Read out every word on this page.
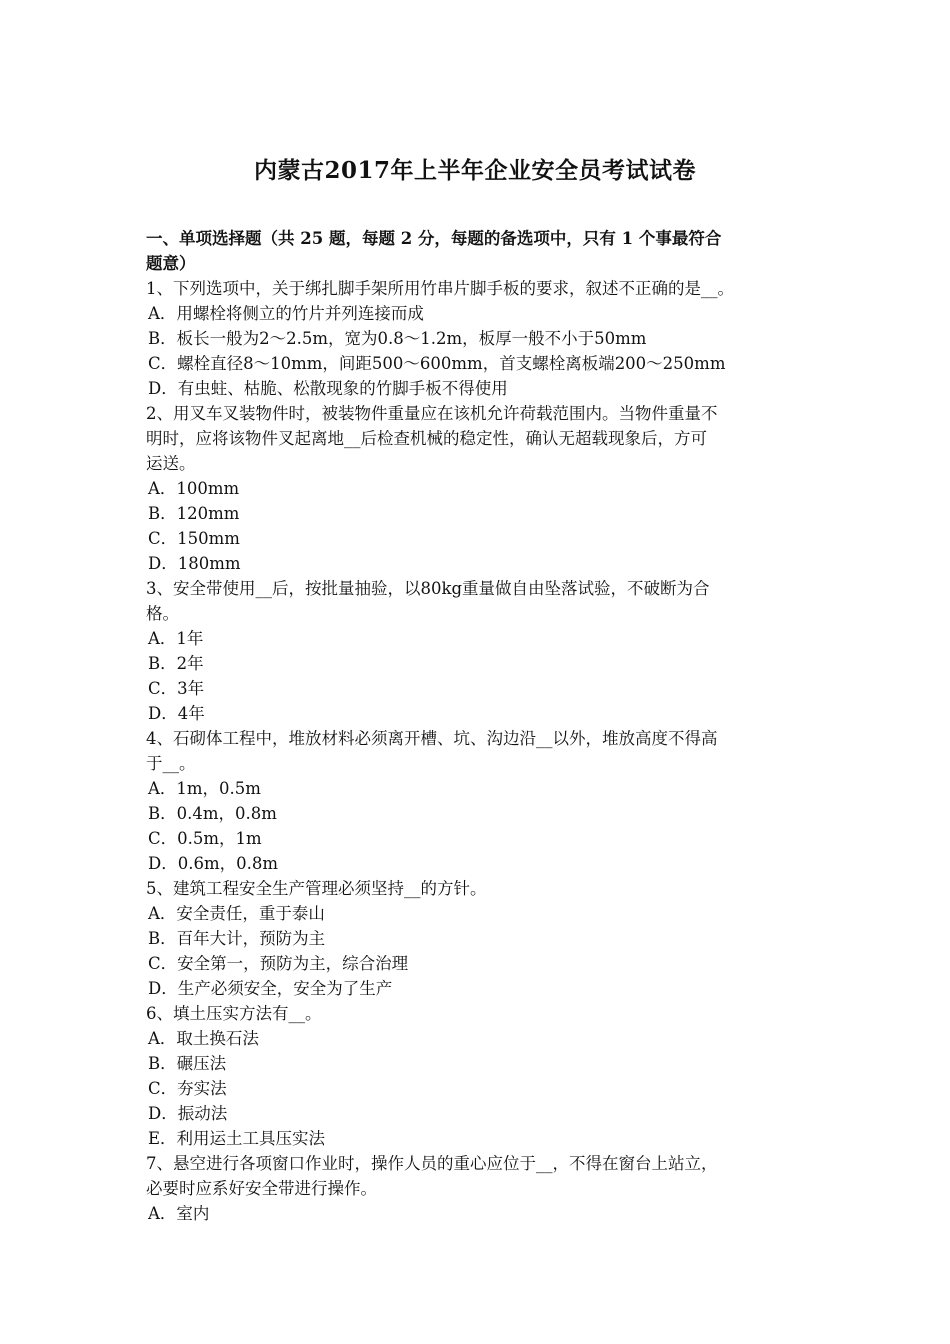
内蒙古2017年上半年企业安全员考试试卷
一、单项选择题（共 25 题，每题 2 分，每题的备选项中，只有 1 个事最符合
题意）
1、下列选项中，关于绑扎脚手架所用竹串片脚手板的要求，叙述不正确的是__。
A．用螺栓将侧立的竹片并列连接而成
B．板长一般为2～2.5m，宽为0.8～1.2m，板厚一般不小于50mm
C．螺栓直径8～10mm，间距500～600mm，首支螺栓离板端200～250mm
D．有虫蛀、枯脆、松散现象的竹脚手板不得使用
2、用叉车叉装物件时，被装物件重量应在该机允许荷载范围内。当物件重量不
明时，应将该物件叉起离地__后检查机械的稳定性，确认无超载现象后，方可
运送。
A．100mm
B．120mm
C．150mm
D．180mm
3、安全带使用__后，按批量抽验，以80kg重量做自由坠落试验，不破断为合
格。
A．1年
B．2年
C．3年
D．4年
4、石砌体工程中，堆放材料必须离开槽、坑、沟边沿__以外，堆放高度不得高
于__。
A．1m，0.5m
B．0.4m，0.8m
C．0.5m，1m
D．0.6m，0.8m
5、建筑工程安全生产管理必须坚持__的方针。
A．安全责任，重于泰山
B．百年大计，预防为主
C．安全第一，预防为主，综合治理
D．生产必须安全，安全为了生产
6、填土压实方法有__。
A．取土换石法
B．碾压法
C．夯实法
D．振动法
E．利用运土工具压实法
7、悬空进行各项窗口作业时，操作人员的重心应位于__，不得在窗台上站立，
必要时应系好安全带进行操作。
A．室内
